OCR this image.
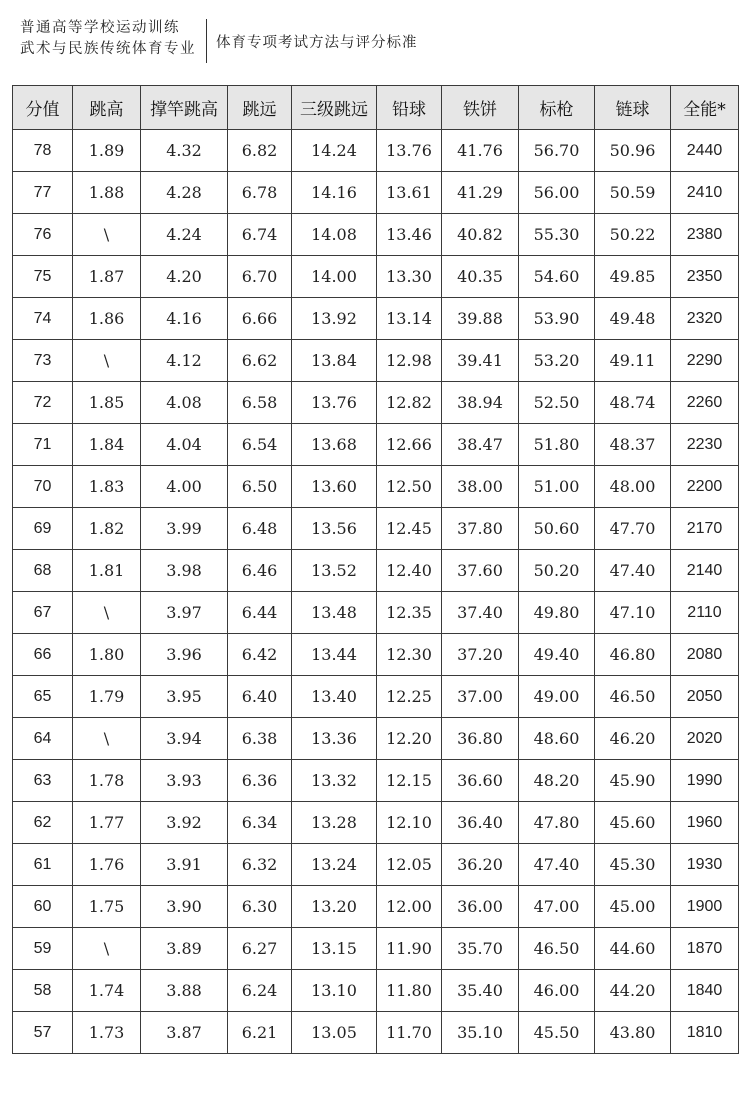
普通高等学校运动训练
武术与民族传统体育专业 体育专项考试方法与评分标准
分值	跳高	撑竿跳高	跳远	三级跳远	铅球	铁饼	标枪	链球	全能*
78	1.89	4.32	6.82	14.24	13.76	41.76	56.70	50.96	2440
77	1.88	4.28	6.78	14.16	13.61	41.29	56.00	50.59	2410
76	\	4.24	6.74	14.08	13.46	40.82	55.30	50.22	2380
75	1.87	4.20	6.70	14.00	13.30	40.35	54.60	49.85	2350
74	1.86	4.16	6.66	13.92	13.14	39.88	53.90	49.48	2320
73	\	4.12	6.62	13.84	12.98	39.41	53.20	49.11	2290
72	1.85	4.08	6.58	13.76	12.82	38.94	52.50	48.74	2260
71	1.84	4.04	6.54	13.68	12.66	38.47	51.80	48.37	2230
70	1.83	4.00	6.50	13.60	12.50	38.00	51.00	48.00	2200
69	1.82	3.99	6.48	13.56	12.45	37.80	50.60	47.70	2170
68	1.81	3.98	6.46	13.52	12.40	37.60	50.20	47.40	2140
67	\	3.97	6.44	13.48	12.35	37.40	49.80	47.10	2110
66	1.80	3.96	6.42	13.44	12.30	37.20	49.40	46.80	2080
65	1.79	3.95	6.40	13.40	12.25	37.00	49.00	46.50	2050
64	\	3.94	6.38	13.36	12.20	36.80	48.60	46.20	2020
63	1.78	3.93	6.36	13.32	12.15	36.60	48.20	45.90	1990
62	1.77	3.92	6.34	13.28	12.10	36.40	47.80	45.60	1960
61	1.76	3.91	6.32	13.24	12.05	36.20	47.40	45.30	1930
60	1.75	3.90	6.30	13.20	12.00	36.00	47.00	45.00	1900
59	\	3.89	6.27	13.15	11.90	35.70	46.50	44.60	1870
58	1.74	3.88	6.24	13.10	11.80	35.40	46.00	44.20	1840
57	1.73	3.87	6.21	13.05	11.70	35.10	45.50	43.80	1810
